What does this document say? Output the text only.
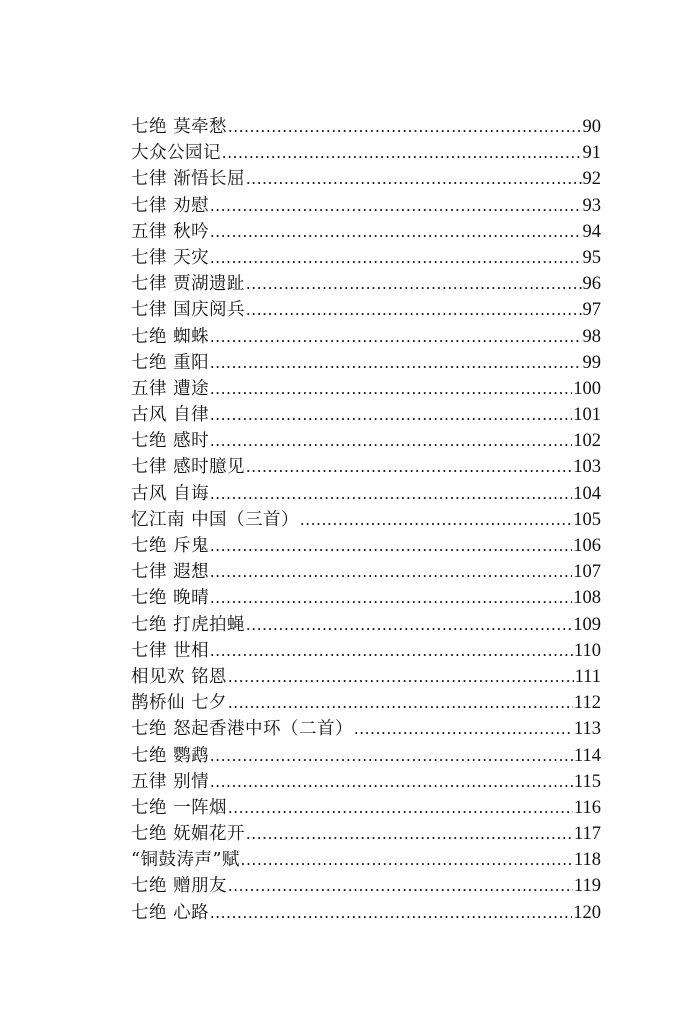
七绝 莫牵愁 .....	90
大众公园记 .....	91
七律 渐悟长屈 .....	92
七律 劝慰 .....	93
五律 秋吟 .....	94
七律 天灾 .....	95
七律 贾湖遗趾 .....	96
七律 国庆阅兵 .....	97
七绝 蜘蛛 .....	98
七绝 重阳 .....	99
五律 遭途 .....	100
古风 自律 .....	101
七绝 感时 .....	102
七律 感时臆见 .....	103
古风 自诲 .....	104
忆江南 中国（三首） .....	105
七绝 斥鬼 .....	106
七律 遐想 .....	107
七绝 晚晴 .....	108
七绝 打虎拍蝇 .....	109
七律 世相 .....	110
相见欢 铭恩 .....	111
鹊桥仙 七夕 .....	112
七绝 怒起香港中环（二首） .....	113
七绝 鹦鹉 .....	114
五律 别情 .....	115
七绝 一阵烟 .....	116
七绝 妩媚花开 .....	117
“铜鼓涛声”赋 .....	118
七绝 赠朋友 .....	119
七绝 心路 .....	120
